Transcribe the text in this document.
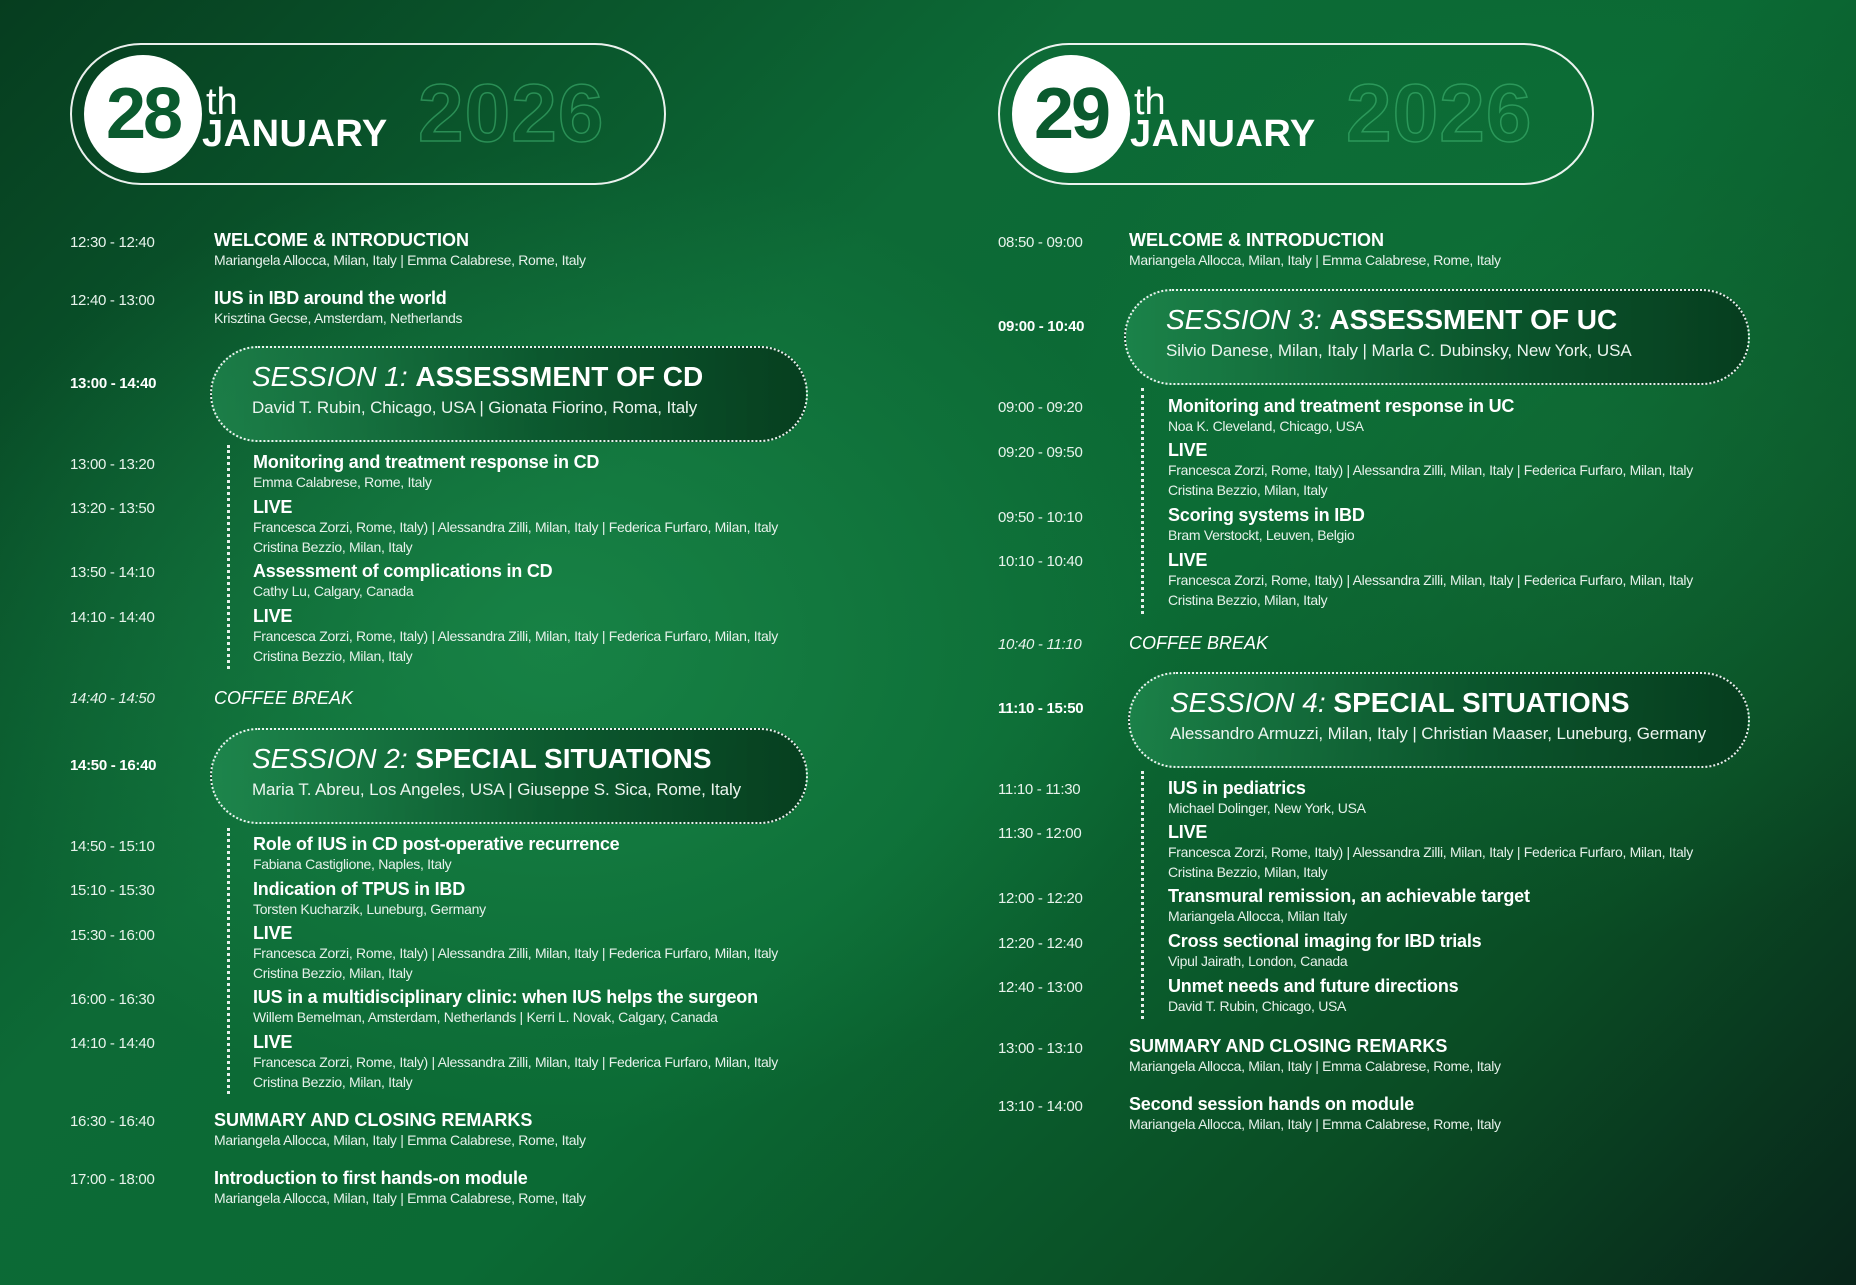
28 th
JANUARY 2026
12:30 - 12:40	WELCOME & INTRODUCTION
Mariangela Allocca, Milan, Italy | Emma Calabrese, Rome, Italy
12:40 - 13:00	IUS in IBD around the world
Krisztina Gecse, Amsterdam, Netherlands
13:00 - 14:40	SESSION 1: ASSESSMENT OF CD
David T. Rubin, Chicago, USA | Gionata Fiorino, Roma, Italy
13:00 - 13:20	Monitoring and treatment response in CD
Emma Calabrese, Rome, Italy
13:20 - 13:50	LIVE
Francesca Zorzi, Rome, Italy) | Alessandra Zilli, Milan, Italy | Federica Furfaro, Milan, Italy
Cristina Bezzio, Milan, Italy
13:50 - 14:10	Assessment of complications in CD
Cathy Lu, Calgary, Canada
14:10 - 14:40	LIVE
Francesca Zorzi, Rome, Italy) | Alessandra Zilli, Milan, Italy | Federica Furfaro, Milan, Italy
Cristina Bezzio, Milan, Italy
14:40 - 14:50	COFFEE BREAK
14:50 - 16:40	SESSION 2: SPECIAL SITUATIONS
Maria T. Abreu, Los Angeles, USA | Giuseppe S. Sica, Rome, Italy
14:50 - 15:10	Role of IUS in CD post-operative recurrence
Fabiana Castiglione, Naples, Italy
15:10 - 15:30	Indication of TPUS in IBD
Torsten Kucharzik, Luneburg, Germany
15:30 - 16:00	LIVE
Francesca Zorzi, Rome, Italy) | Alessandra Zilli, Milan, Italy | Federica Furfaro, Milan, Italy
Cristina Bezzio, Milan, Italy
16:00 - 16:30	IUS in a multidisciplinary clinic: when IUS helps the surgeon
Willem Bemelman, Amsterdam, Netherlands | Kerri L. Novak, Calgary, Canada
14:10 - 14:40	LIVE
Francesca Zorzi, Rome, Italy) | Alessandra Zilli, Milan, Italy | Federica Furfaro, Milan, Italy
Cristina Bezzio, Milan, Italy
16:30 - 16:40	SUMMARY AND CLOSING REMARKS
Mariangela Allocca, Milan, Italy | Emma Calabrese, Rome, Italy
17:00 - 18:00	Introduction to first hands-on module
Mariangela Allocca, Milan, Italy | Emma Calabrese, Rome, Italy
29 th
JANUARY 2026
08:50 - 09:00	WELCOME & INTRODUCTION
Mariangela Allocca, Milan, Italy | Emma Calabrese, Rome, Italy
09:00 - 10:40	SESSION 3: ASSESSMENT OF UC
Silvio Danese, Milan, Italy | Marla C. Dubinsky, New York, USA
09:00 - 09:20	Monitoring and treatment response in UC
Noa K. Cleveland, Chicago, USA
09:20 - 09:50	LIVE
Francesca Zorzi, Rome, Italy) | Alessandra Zilli, Milan, Italy | Federica Furfaro, Milan, Italy
Cristina Bezzio, Milan, Italy
09:50 - 10:10	Scoring systems in IBD
Bram Verstockt, Leuven, Belgio
10:10 - 10:40	LIVE
Francesca Zorzi, Rome, Italy) | Alessandra Zilli, Milan, Italy | Federica Furfaro, Milan, Italy
Cristina Bezzio, Milan, Italy
10:40 - 11:10	COFFEE BREAK
11:10 - 15:50	SESSION 4: SPECIAL SITUATIONS
Alessandro Armuzzi, Milan, Italy | Christian Maaser, Luneburg, Germany
11:10 - 11:30	IUS in pediatrics
Michael Dolinger, New York, USA
11:30 - 12:00	LIVE
Francesca Zorzi, Rome, Italy) | Alessandra Zilli, Milan, Italy | Federica Furfaro, Milan, Italy
Cristina Bezzio, Milan, Italy
12:00 - 12:20	Transmural remission, an achievable target
Mariangela Allocca, Milan Italy
12:20 - 12:40	Cross sectional imaging for IBD trials
Vipul Jairath, London, Canada
12:40 - 13:00	Unmet needs and future directions
David T. Rubin, Chicago, USA
13:00 - 13:10	SUMMARY AND CLOSING REMARKS
Mariangela Allocca, Milan, Italy | Emma Calabrese, Rome, Italy
13:10 - 14:00	Second session hands on module
Mariangela Allocca, Milan, Italy | Emma Calabrese, Rome, Italy
